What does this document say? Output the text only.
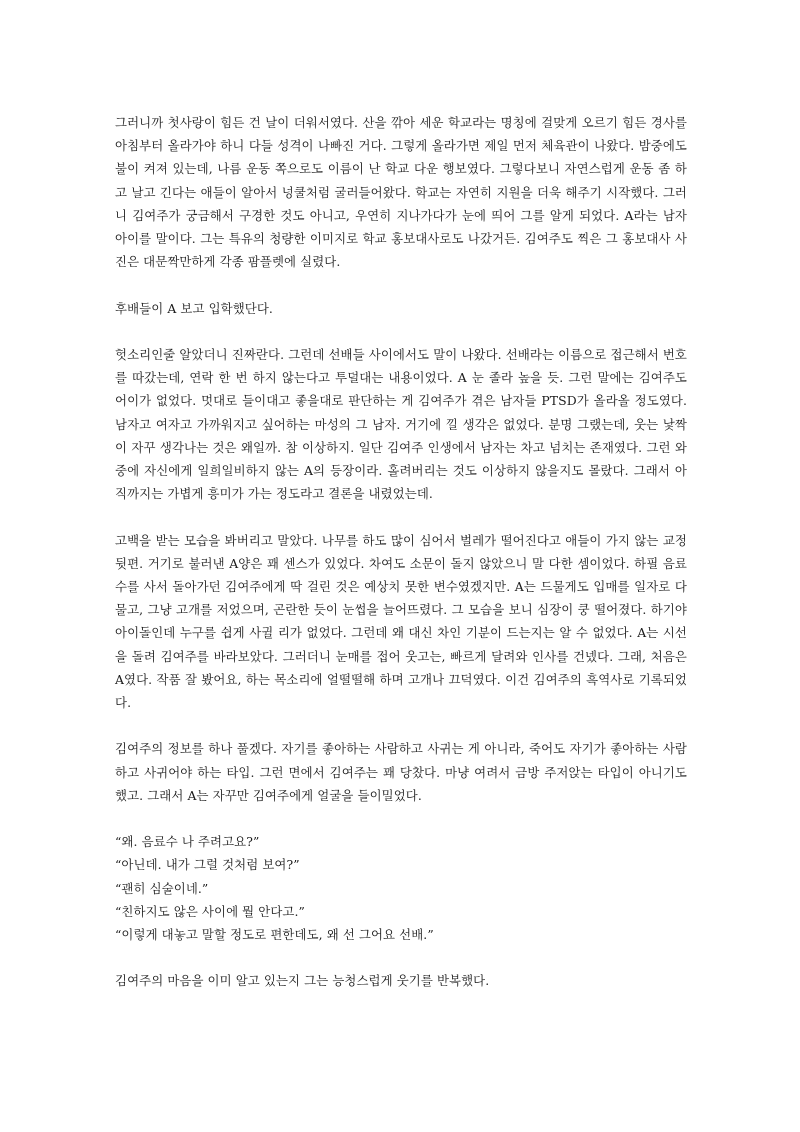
그러니까 첫사랑이 힘든 건 날이 더워서였다. 산을 깎아 세운 학교라는 명칭에 걸맞게 오르기 힘든 경사를 아침부터 올라가야 하니 다들 성격이 나빠진 거다. 그렇게 올라가면 제일 먼저 체육관이 나왔다. 밤중에도 불이 켜져 있는데, 나름 운동 쪽으로도 이름이 난 학교 다운 행보였다. 그렇다보니 자연스럽게 운동 좀 하고 날고 긴다는 애들이 알아서 넝쿨처럼 굴러들어왔다. 학교는 자연히 지원을 더욱 해주기 시작했다. 그러니 김여주가 궁금해서 구경한 것도 아니고, 우연히 지나가다가 눈에 띄어 그를 알게 되었다. A라는 남자 아이를 말이다. 그는 특유의 청량한 이미지로 학교 홍보대사로도 나갔거든. 김여주도 찍은 그 홍보대사 사진은 대문짝만하게 각종 팜플렛에 실렸다.

후배들이 A 보고 입학했단다.

헛소리인줄 알았더니 진짜란다. 그런데 선배들 사이에서도 말이 나왔다. 선배라는 이름으로 접근해서 번호를 따갔는데, 연락 한 번 하지 않는다고 투덜대는 내용이었다. A 눈 졸라 높을 듯. 그런 말에는 김여주도 어이가 없었다. 멋대로 들이대고 좋을대로 판단하는 게 김여주가 겪은 남자들 PTSD가 올라올 정도였다. 남자고 여자고 가까워지고 싶어하는 마성의 그 남자. 거기에 낄 생각은 없었다. 분명 그랬는데, 웃는 낯짝이 자꾸 생각나는 것은 왜일까. 참 이상하지. 일단 김여주 인생에서 남자는 차고 넘치는 존재였다. 그런 와중에 자신에게 일희일비하지 않는 A의 등장이라. 홀려버리는 것도 이상하지 않을지도 몰랐다. 그래서 아직까지는 가볍게 흥미가 가는 정도라고 결론을 내렸었는데.

고백을 받는 모습을 봐버리고 말았다. 나무를 하도 많이 심어서 벌레가 떨어진다고 애들이 가지 않는 교정 뒷편. 거기로 불러낸 A양은 꽤 센스가 있었다. 차여도 소문이 돌지 않았으니 말 다한 셈이었다. 하필 음료수를 사서 돌아가던 김여주에게 딱 걸린 것은 예상치 못한 변수였겠지만. A는 드물게도 입매를 일자로 다물고, 그냥 고개를 저었으며, 곤란한 듯이 눈썹을 늘어뜨렸다. 그 모습을 보니 심장이 쿵 떨어졌다. 하기야 아이돌인데 누구를 쉽게 사귈 리가 없었다. 그런데 왜 대신 차인 기분이 드는지는 알 수 없었다. A는 시선을 돌려 김여주를 바라보았다. 그러더니 눈매를 접어 웃고는, 빠르게 달려와 인사를 건넸다. 그래, 처음은 A였다. 작품 잘 봤어요, 하는 목소리에 얼떨떨해 하며 고개나 끄덕였다. 이건 김여주의 흑역사로 기록되었다.

김여주의 정보를 하나 풀겠다. 자기를 좋아하는 사람하고 사귀는 게 아니라, 죽어도 자기가 좋아하는 사람하고 사귀어야 하는 타입. 그런 면에서 김여주는 꽤 당찼다. 마냥 여려서 금방 주저앉는 타입이 아니기도 했고. 그래서 A는 자꾸만 김여주에게 얼굴을 들이밀었다.

“왜. 음료수 나 주려고요?”
“아닌데. 내가 그럴 것처럼 보여?”
“괜히 심술이네.”
“친하지도 않은 사이에 뭘 안다고.”
“이렇게 대놓고 말할 정도로 편한데도, 왜 선 그어요 선배.”

김여주의 마음을 이미 알고 있는지 그는 능청스럽게 웃기를 반복했다.
